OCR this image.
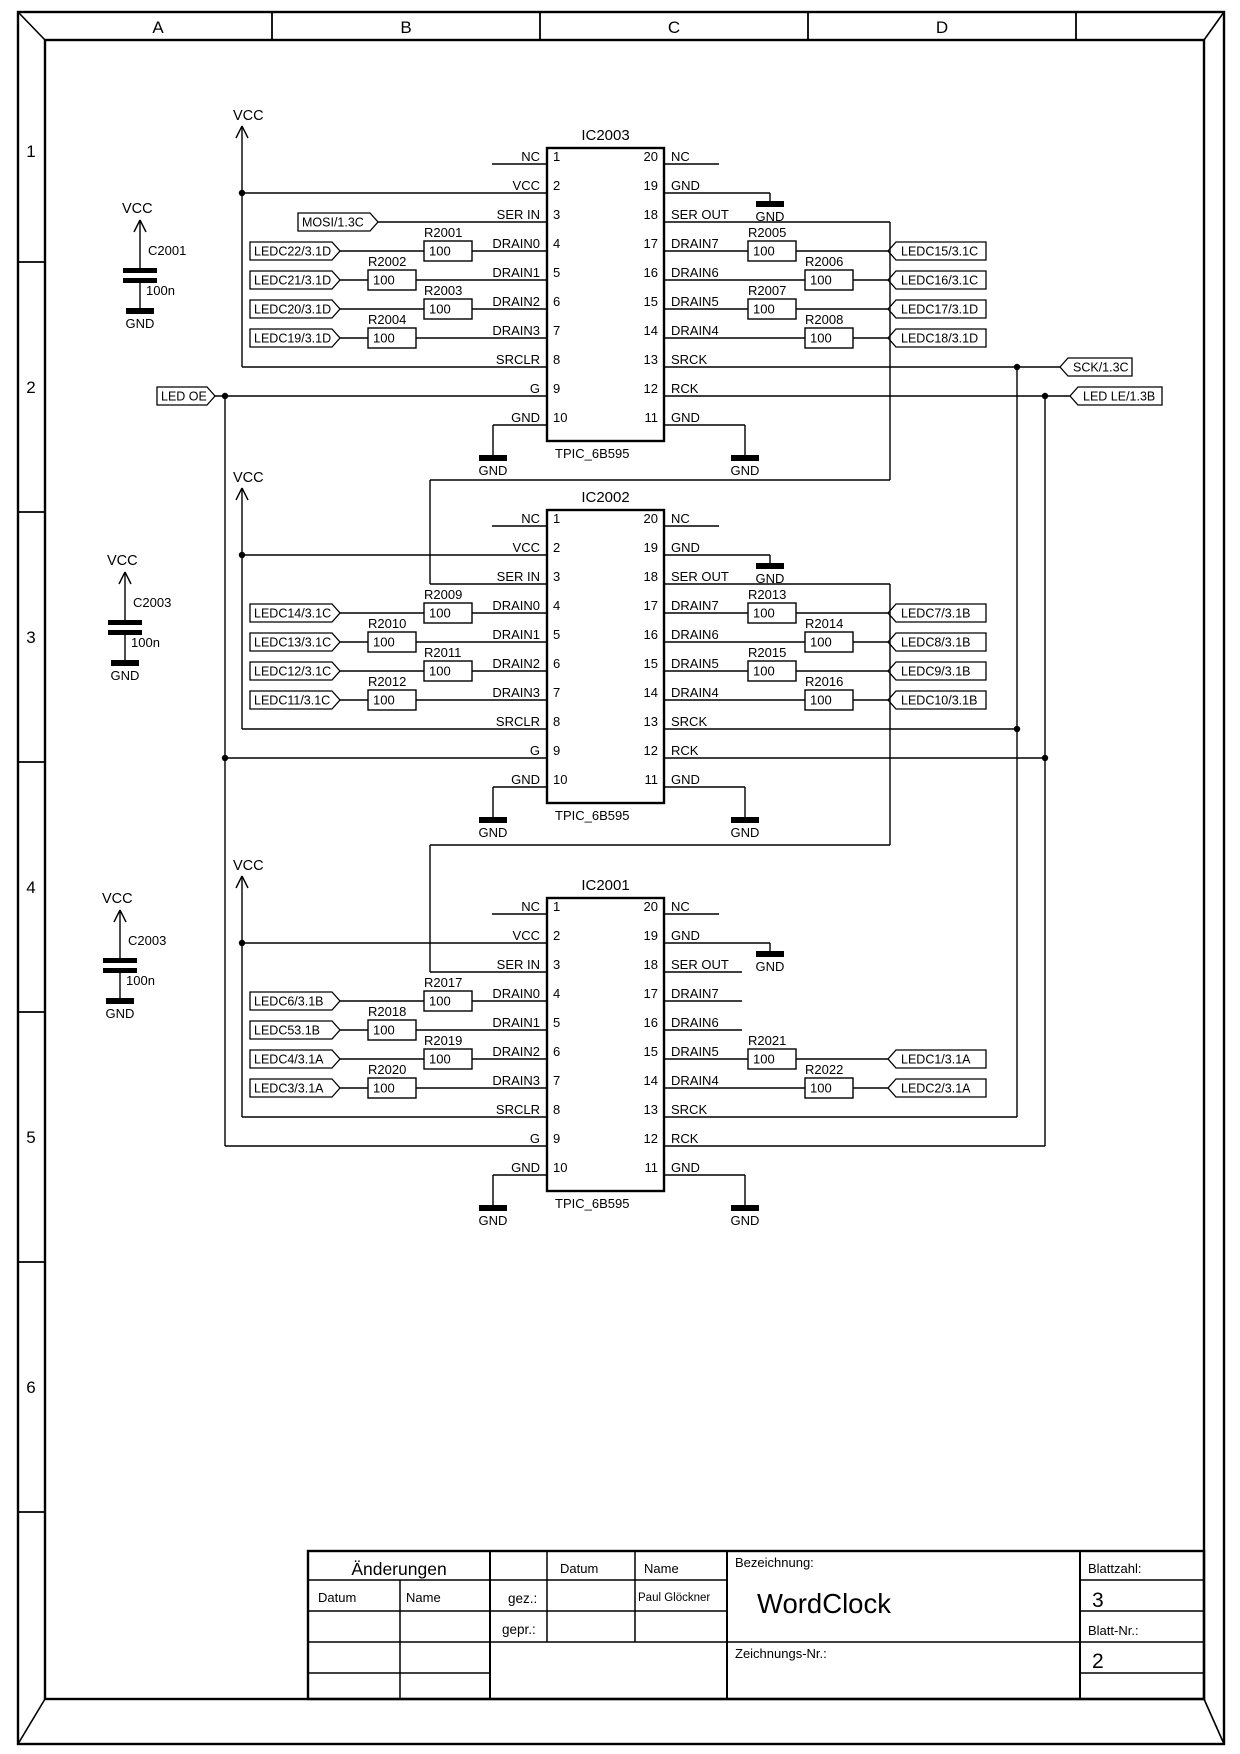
A	B	C	D
1
2
3
4
5
6
Änderungen
Datum	Name
Datum	Name
gez.:
gepr.:
Paul Glöckner
Bezeichnung:
WordClock
Zeichnungs-Nr.:
Blattzahl:
3
Blatt-Nr.:
2
VCC
C2001
100n
GND
VCC
C2003
100n
GND
VCC
C2003
100n
GND
IC2003
TPIC_6B595
NC 1	20 NC
VCC 2	19 GND
SER IN 3	18 SER OUT
DRAIN0 4	17 DRAIN7
DRAIN1 5	16 DRAIN6
DRAIN2 6	15 DRAIN5
DRAIN3 7	14 DRAIN4
SRCLR 8	13 SRCK
G 9	12 RCK
GND 10	11 GND
MOSI/1.3C
LEDC22/3.1D
R2001
100
LEDC21/3.1D
R2002
100
LEDC20/3.1D
R2003
100
LEDC19/3.1D
R2004
100
VCC
LED OE
GND
GND
R2005
100	LEDC15/3.1C
R2006
100	LEDC16/3.1C
R2007
100	LEDC17/3.1D
R2008
100	LEDC18/3.1D
SCK/1.3C
LED LE/1.3B
GND
IC2002
TPIC_6B595
NC 1	20 NC
VCC 2	19 GND
SER IN 3	18 SER OUT
DRAIN0 4	17 DRAIN7
DRAIN1 5	16 DRAIN6
DRAIN2 6	15 DRAIN5
DRAIN3 7	14 DRAIN4
SRCLR 8	13 SRCK
G 9	12 RCK
GND 10	11 GND
LEDC14/3.1C
R2009
100
LEDC13/3.1C
R2010
100
LEDC12/3.1C
R2011
100
LEDC11/3.1C
R2012
100
VCC
GND
GND
R2013
100	LEDC7/3.1B
R2014
100	LEDC8/3.1B
R2015
100	LEDC9/3.1B
R2016
100	LEDC10/3.1B
GND
IC2001
TPIC_6B595
NC 1	20 NC
VCC 2	19 GND
SER IN 3	18 SER OUT
DRAIN0 4	17 DRAIN7
DRAIN1 5	16 DRAIN6
DRAIN2 6	15 DRAIN5
DRAIN3 7	14 DRAIN4
SRCLR 8	13 SRCK
G 9	12 RCK
GND 10	11 GND
LEDC6/3.1B
R2017
100
LEDC53.1B
R2018
100
LEDC4/3.1A
R2019
100
LEDC3/3.1A
R2020
100
VCC
GND
GND
R2021
100	LEDC1/3.1A
R2022
100	LEDC2/3.1A
GND
